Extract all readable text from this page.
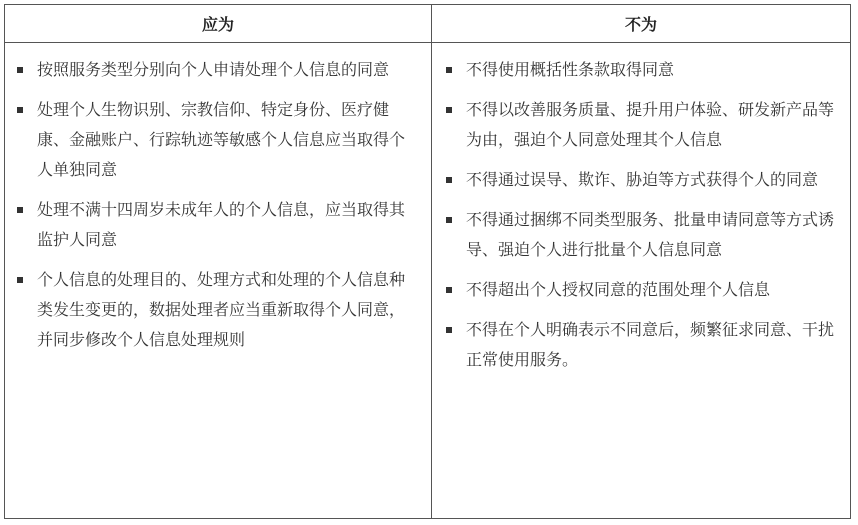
应为
按照服务类型分别向个人申请处理个人信息的同意
处理个人生物识别、宗教信仰、特定身份、医疗健康、金融账户、行踪轨迹等敏感个人信息应当取得个人单独同意
处理不满十四周岁未成年人的个人信息，应当取得其监护人同意
个人信息的处理目的、处理方式和处理的个人信息种类发生变更的，数据处理者应当重新取得个人同意，并同步修改个人信息处理规则
不为
不得使用概括性条款取得同意
不得以改善服务质量、提升用户体验、研发新产品等为由，强迫个人同意处理其个人信息
不得通过误导、欺诈、胁迫等方式获得个人的同意
不得通过捆绑不同类型服务、批量申请同意等方式诱导、强迫个人进行批量个人信息同意
不得超出个人授权同意的范围处理个人信息
不得在个人明确表示不同意后，频繁征求同意、干扰正常使用服务。
